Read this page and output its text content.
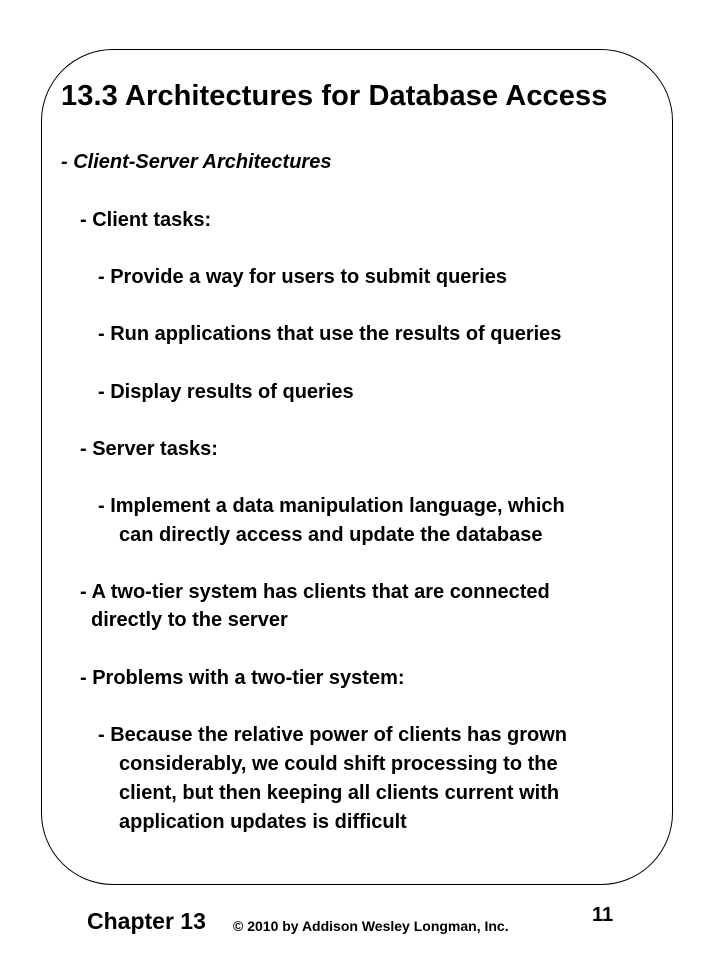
13.3 Architectures for Database Access
- Client-Server Architectures
- Client tasks:
- Provide a way for users to submit queries
- Run applications that use the results of queries
- Display results of queries
- Server tasks:
- Implement a data manipulation language, which
can directly access and update the database
- A two-tier system has clients that are connected
directly to the server
- Problems with a two-tier system:
- Because the relative power of clients has grown
considerably, we could shift processing to the
client, but then keeping all clients current with
application updates is difficult
Chapter 13 © 2010 by Addison Wesley Longman, Inc.	11
